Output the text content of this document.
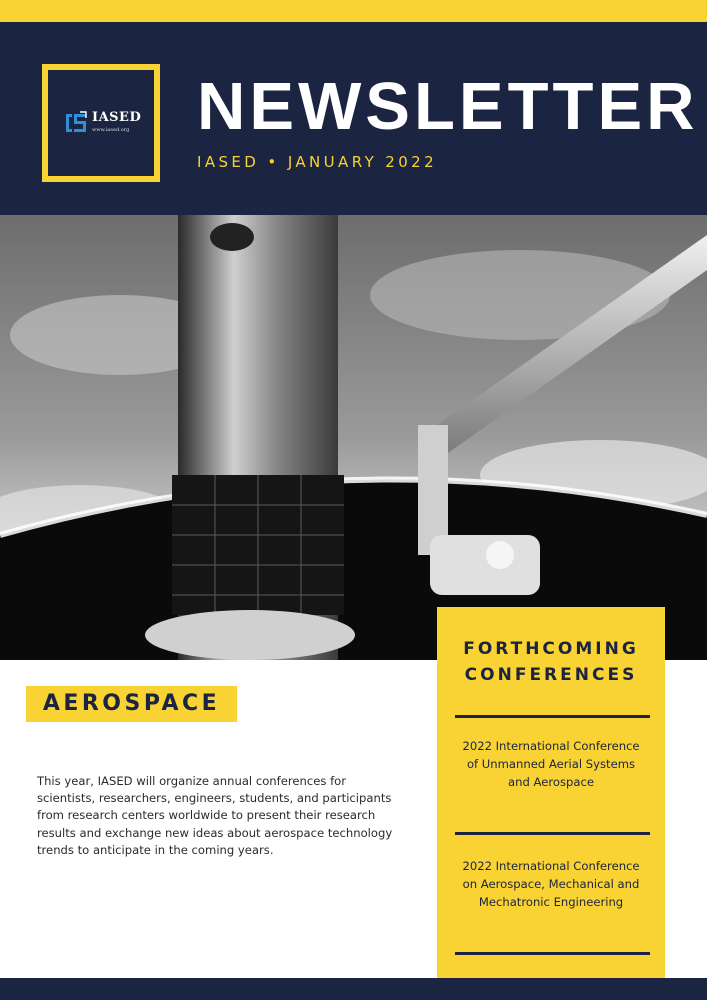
IASED
www.iased.org NEWSLETTER
IASED • JANUARY 2022
AEROSPACE

This year, IASED will organize annual conferences for scientists, researchers, engineers, students, and participants from research centers worldwide to present their research results and exchange new ideas about aerospace technology trends to anticipate in the coming years.

FORTHCOMING
CONFERENCES

2022 International Conference
of Unmanned Aerial Systems
and Aerospace

2022 International Conference
on Aerospace, Mechanical and
Mechatronic Engineering
